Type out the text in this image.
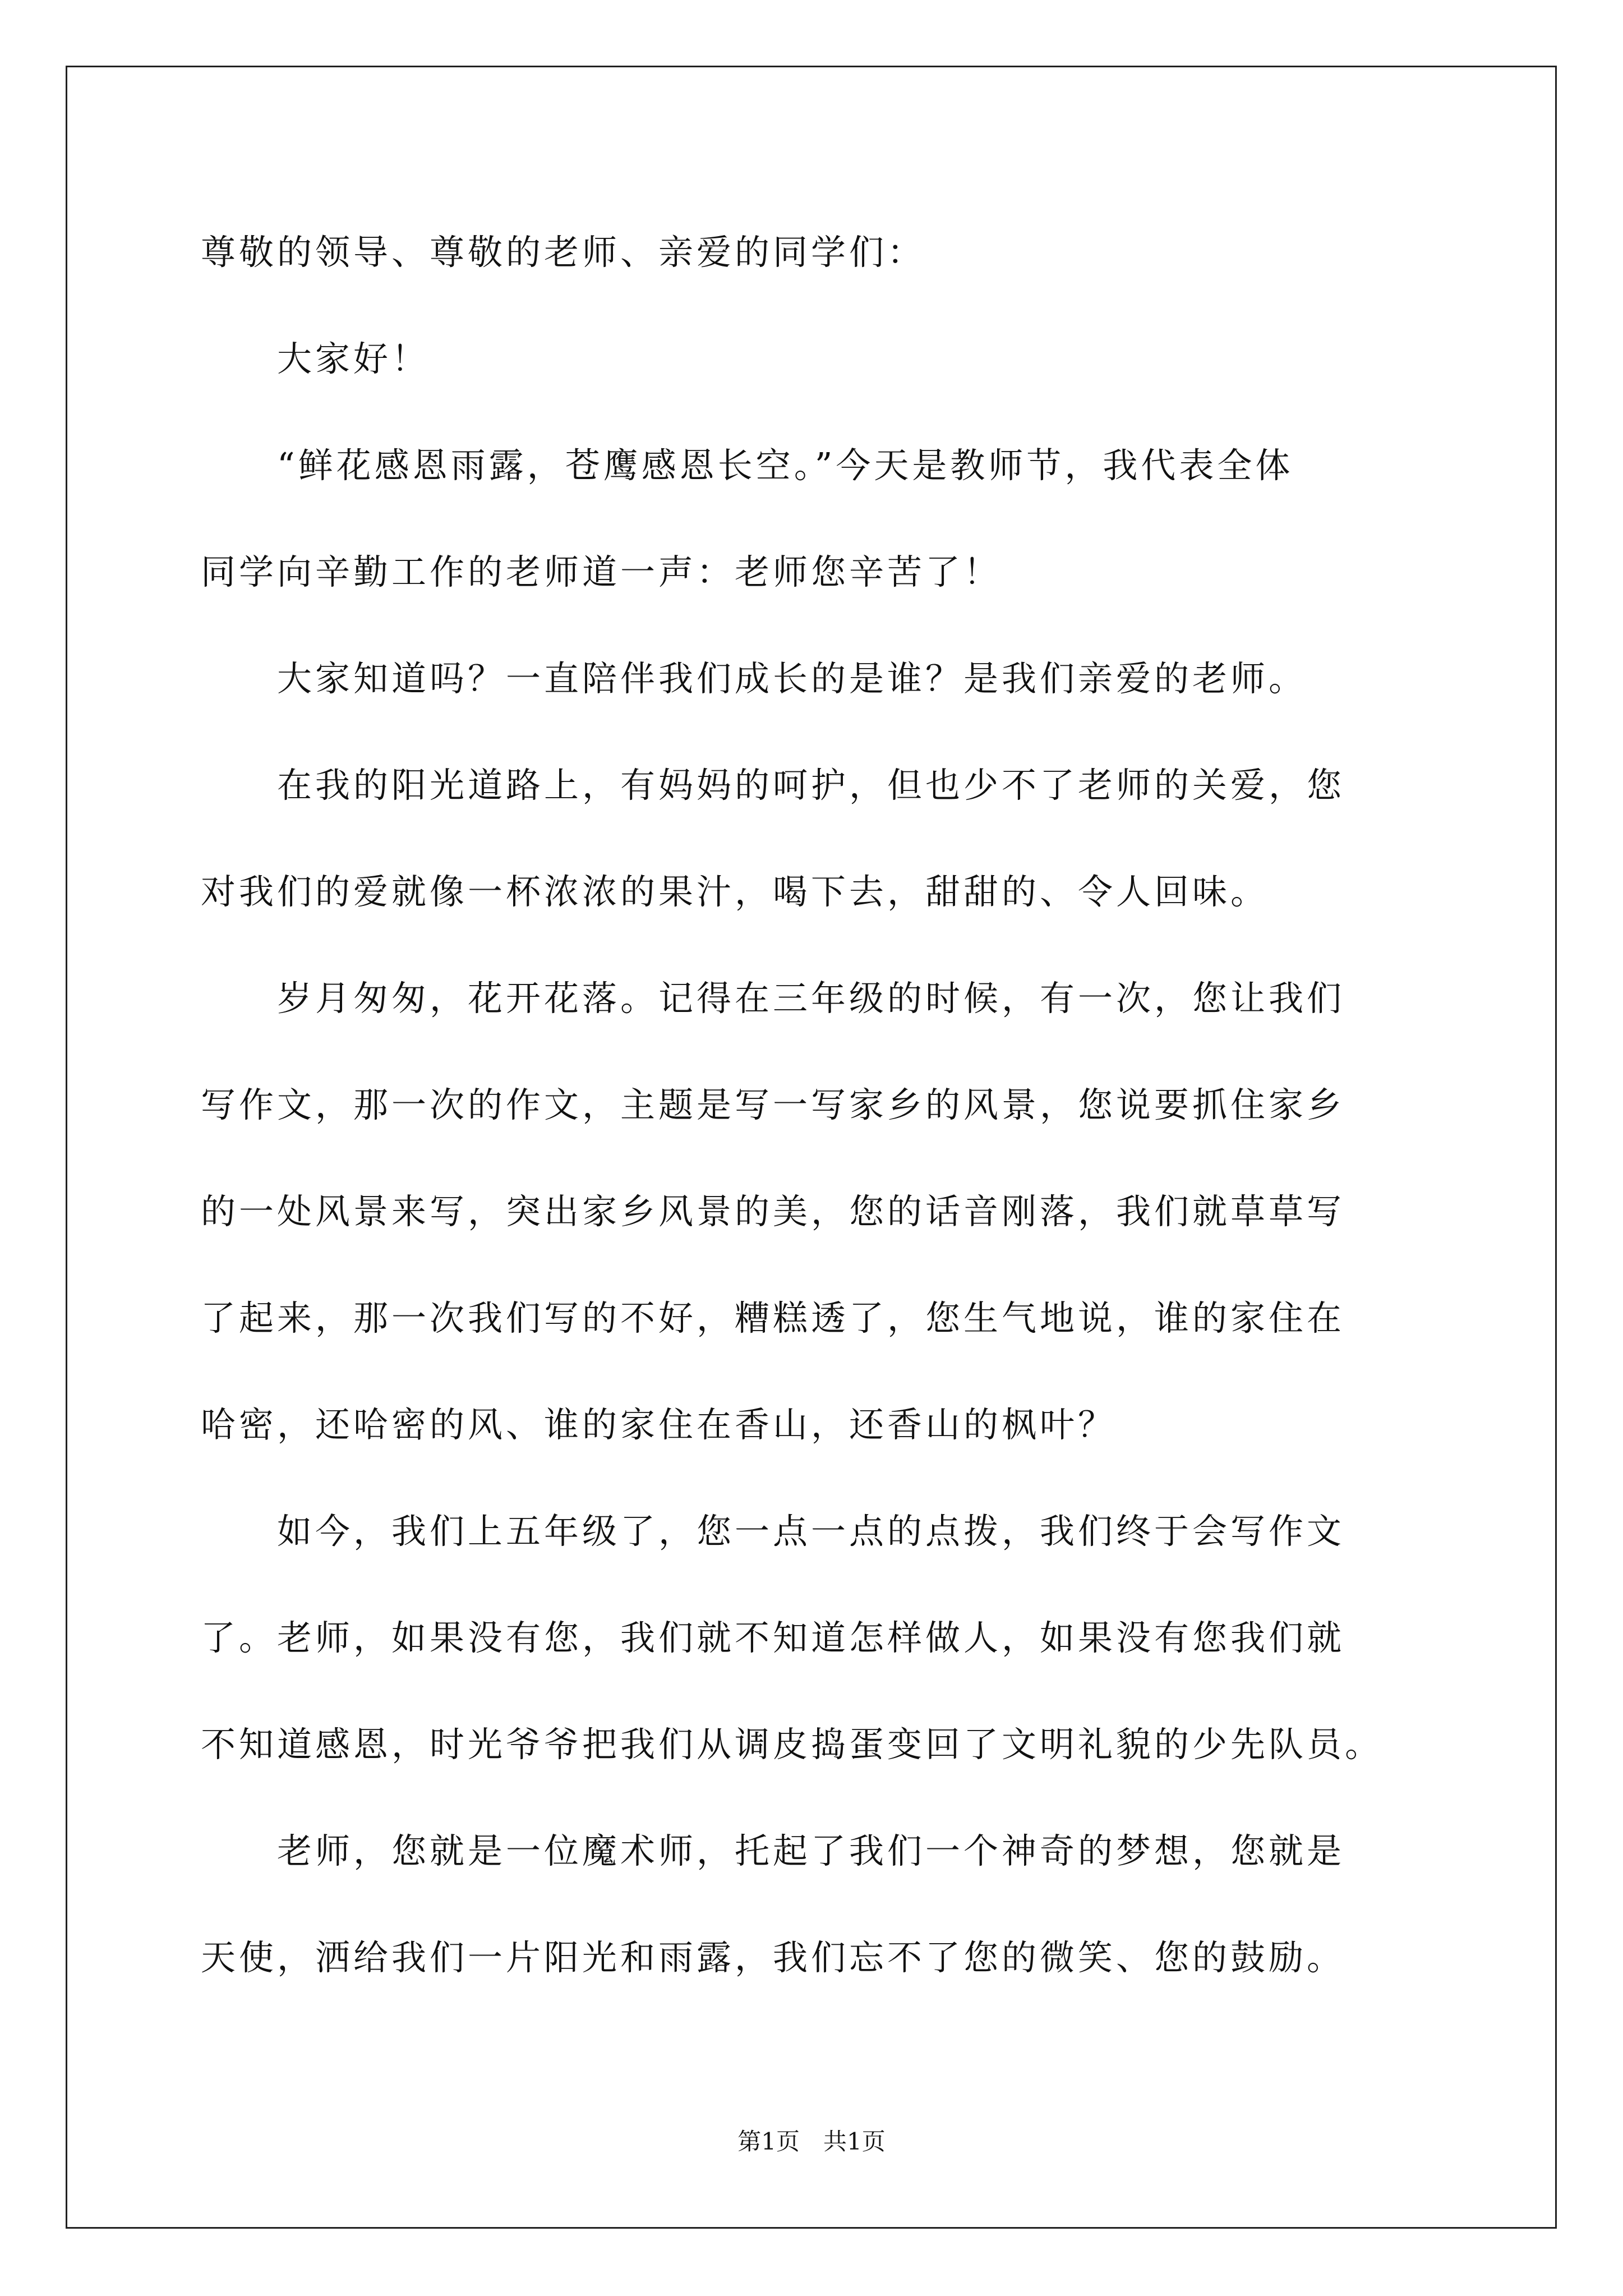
尊敬的领导、尊敬的老师、亲爱的同学们：
　　大家好！
　　“鲜花感恩雨露，苍鹰感恩长空。”今天是教师节，我代表全体
同学向辛勤工作的老师道一声：老师您辛苦了！
　　大家知道吗？一直陪伴我们成长的是谁？是我们亲爱的老师。
　　在我的阳光道路上，有妈妈的呵护，但也少不了老师的关爱，您
对我们的爱就像一杯浓浓的果汁，喝下去，甜甜的、令人回味。
　　岁月匆匆，花开花落。记得在三年级的时候，有一次，您让我们
写作文，那一次的作文，主题是写一写家乡的风景，您说要抓住家乡
的一处风景来写，突出家乡风景的美，您的话音刚落，我们就草草写
了起来，那一次我们写的不好，糟糕透了，您生气地说，谁的家住在
哈密，还哈密的风、谁的家住在香山，还香山的枫叶？
　　如今，我们上五年级了，您一点一点的点拨，我们终于会写作文
了。老师，如果没有您，我们就不知道怎样做人，如果没有您我们就
不知道感恩，时光爷爷把我们从调皮捣蛋变回了文明礼貌的少先队员。
　　老师，您就是一位魔术师，托起了我们一个神奇的梦想，您就是
天使，洒给我们一片阳光和雨露，我们忘不了您的微笑、您的鼓励。
第1页　共1页
